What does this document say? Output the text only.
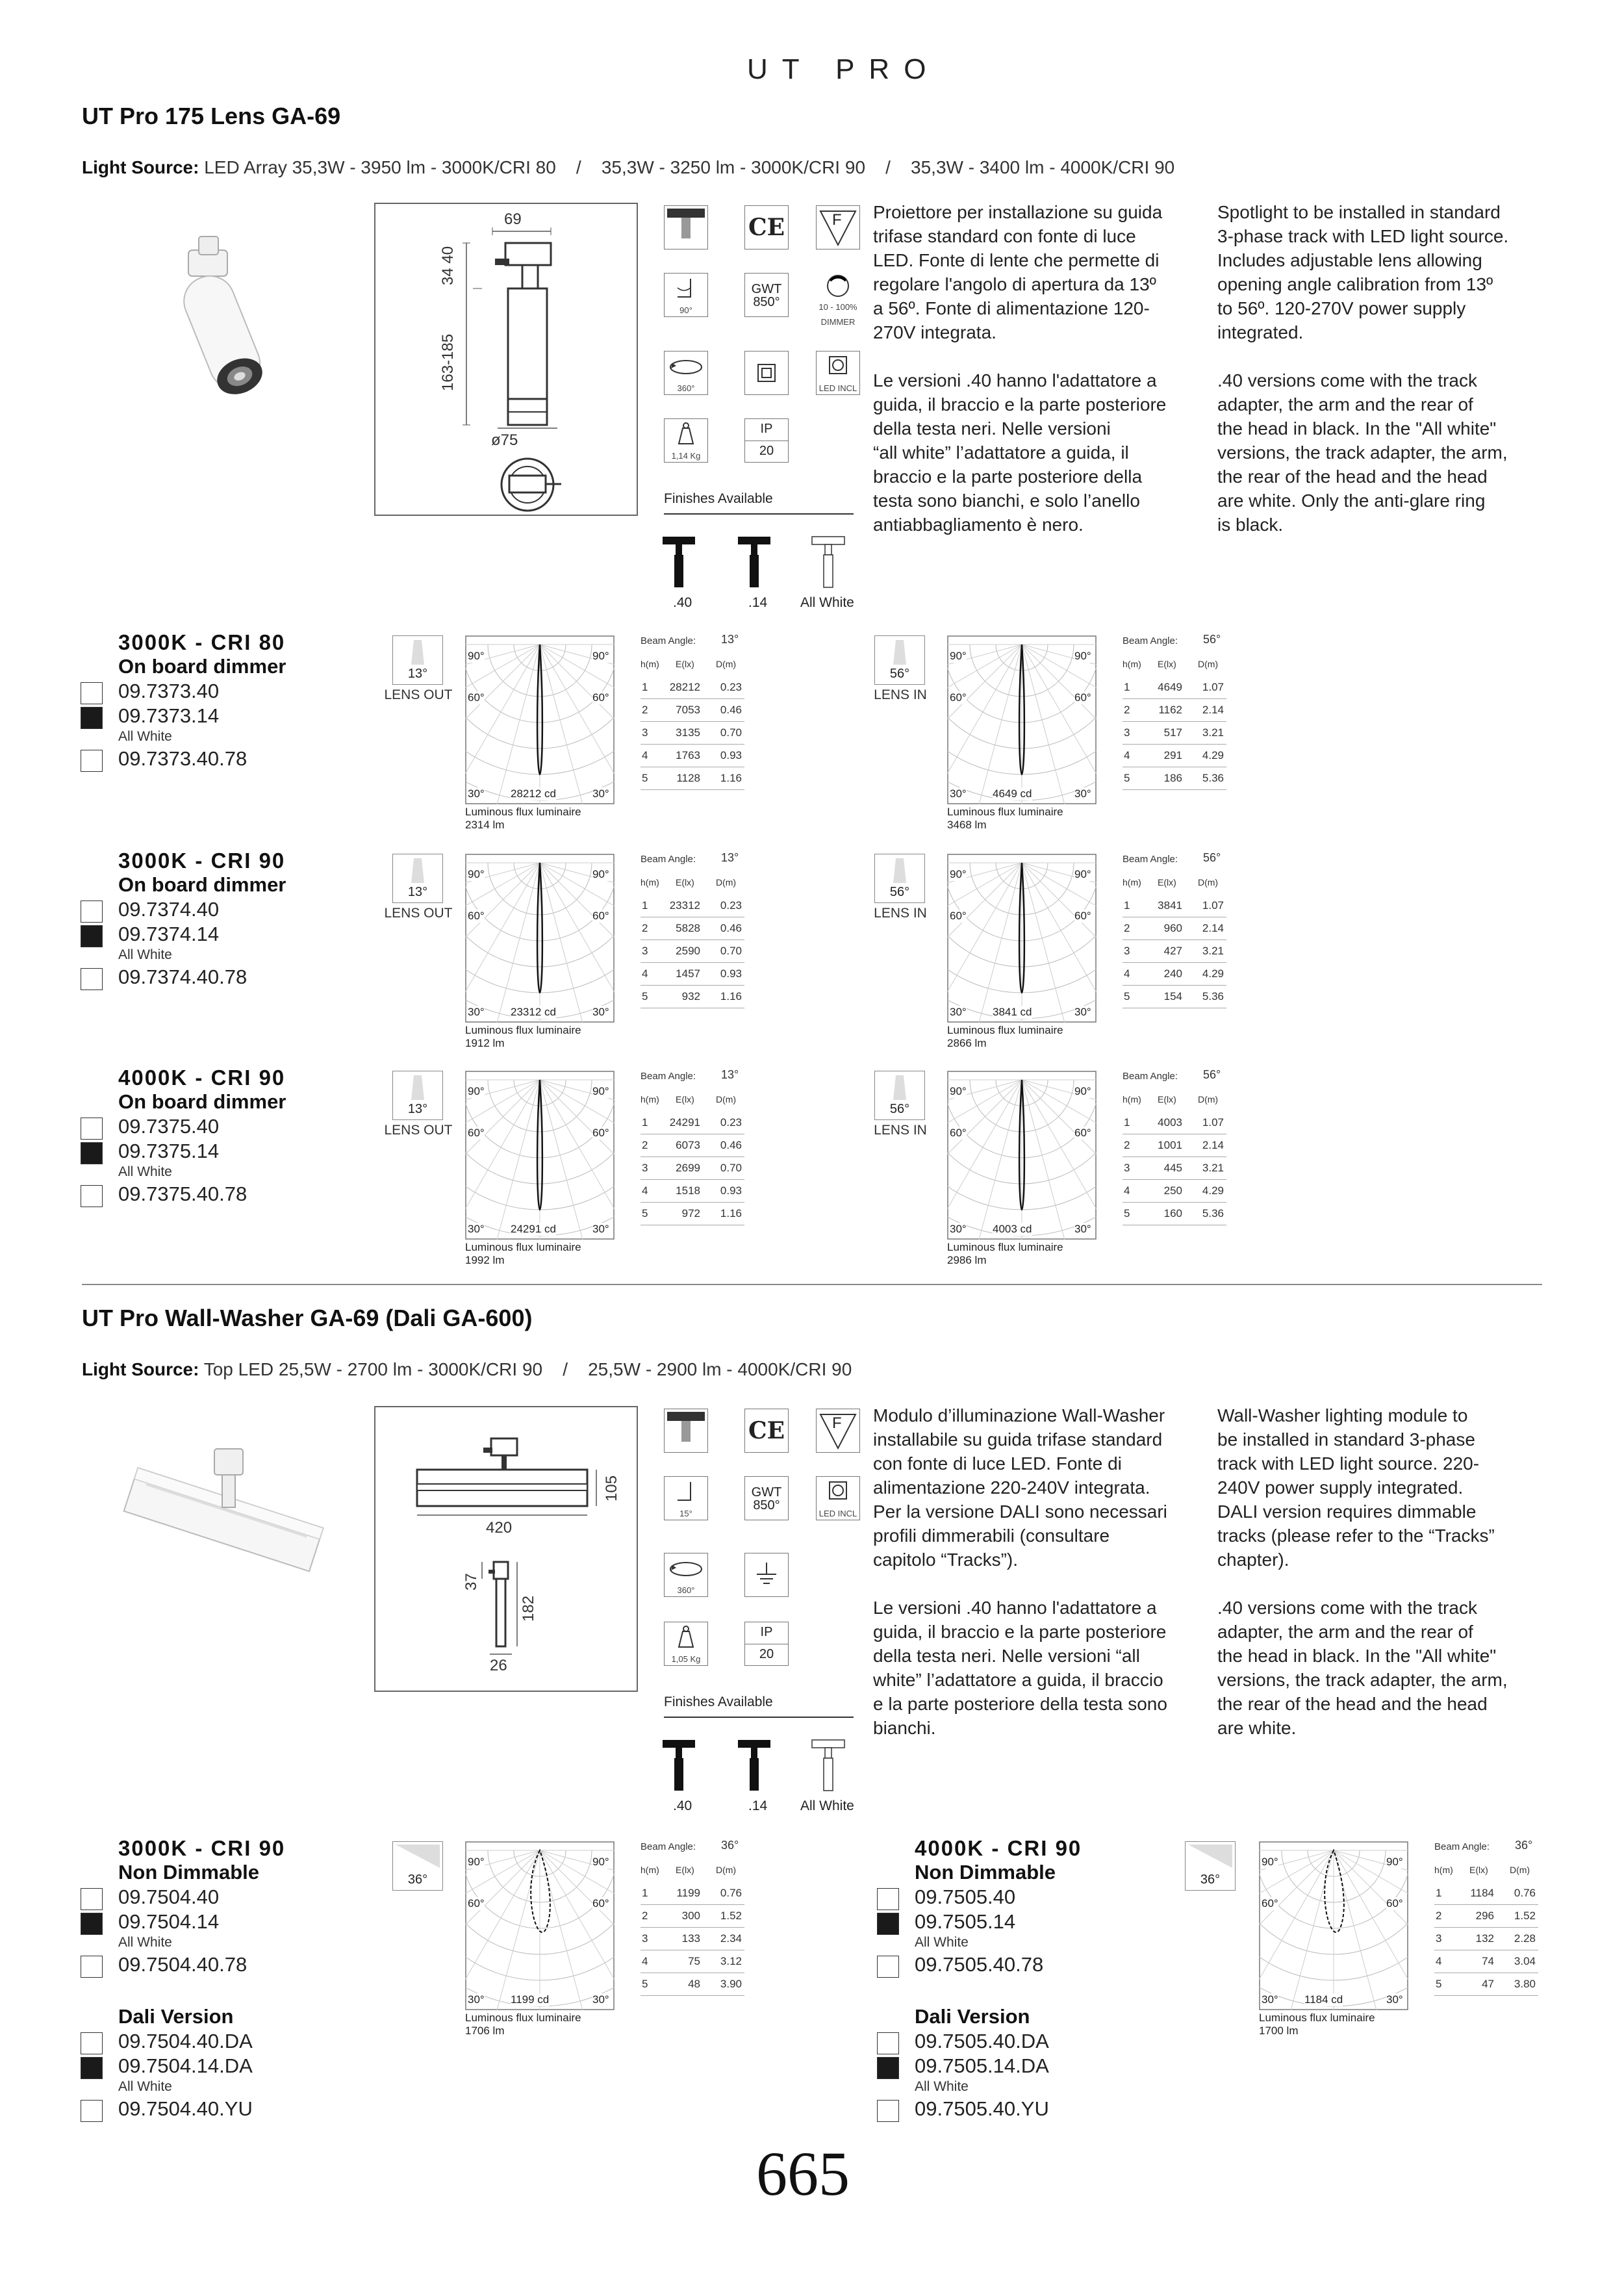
UT PRO
UT Pro 175 Lens GA-69
Light Source: LED Array 35,3W - 3950 lm - 3000K/CRI 80    /    35,3W - 3250 lm - 3000K/CRI 90    /    35,3W - 3400 lm - 4000K/CRI 90
69
34 40
163-185
ø75
CE	F
90°
GWT 850°	10 - 100%
DIMMER
360°	LED INCL
1,14 Kg
IP
20
Finishes Available
.40	.14 All White
Proiettore per installazione su guida
trifase standard con fonte di luce
LED. Fonte di lente che permette di
regolare l'angolo di apertura da 13º
a 56º. Fonte di alimentazione 120-
270V integrata.
Le versioni .40 hanno l'adattatore a
guida, il braccio e la parte posteriore
della testa neri. Nelle versioni
“all white” l’adattatore a guida, il
braccio e la parte posteriore della
testa sono bianchi, e solo l’anello
antiabbagliamento è nero.
Spotlight to be installed in standard
3-phase track with LED light source.
Includes adjustable lens allowing
opening angle calibration from 13º
to 56º. 120-270V power supply
integrated.
.40 versions come with the track
adapter, the arm and the rear of
the head in black. In the "All white"
versions, the track adapter, the arm,
the rear of the head and the head
are white. Only the anti-glare ring
is black.
UT Pro Wall-Washer GA-69 (Dali GA-600)
Light Source: Top LED 25,5W - 2700 lm - 3000K/CRI 90    /    25,5W - 2900 lm - 4000K/CRI 90
420
105
37
182
26
CE	F
15°
GWT 850°
LED INCL
360°
1,05 Kg
IP
20
Finishes Available
.40	.14 All White
Modulo d’illuminazione Wall-Washer
installabile su guida trifase standard
con fonte di luce LED. Fonte di
alimentazione 220-240V integrata.
Per la versione DALI sono necessari
profili dimmerabili (consultare
capitolo “Tracks”).
Le versioni .40 hanno l'adattatore a
guida, il braccio e la parte posteriore
della testa neri. Nelle versioni “all
white” l’adattatore a guida, il braccio
e la parte posteriore della testa sono
bianchi.
Wall-Washer lighting module to
be installed in standard 3-phase
track with LED light source. 220-
240V power supply integrated.
DALI version requires dimmable
tracks (please refer to the “Tracks”
chapter).
.40 versions come with the track
adapter, the arm and the rear of
the head in black. In the "All white"
versions, the track adapter, the arm,
the rear of the head and the head
are white.
665
3000K - CRI 80
On board dimmer
09.7373.40
09.7373.14
All White
09.7373.40.78
13°
LENS OUT
90°	90°
60°	60°
30°	30°
28212 cd
Luminous flux luminaire
2314 lm
Beam Angle: 13°
h(m) E(lx) D(m)
1	28212	0.23
2	7053	0.46
3	3135	0.70
4	1763	0.93
5	1128	1.16
56°
LENS IN
90°	90°
60°	60°
30°	30°
4649 cd
Luminous flux luminaire
3468 lm
Beam Angle: 56°
h(m) E(lx) D(m)
1	4649	1.07
2	1162	2.14
3	517	3.21
4	291	4.29
5	186	5.36
3000K - CRI 90
On board dimmer
09.7374.40
09.7374.14
All White
09.7374.40.78
13°
LENS OUT
90°	90°
60°	60°
30°	30°
23312 cd
Luminous flux luminaire
1912 lm
Beam Angle: 13°
h(m) E(lx) D(m)
1	23312	0.23
2	5828	0.46
3	2590	0.70
4	1457	0.93
5	932	1.16
56°
LENS IN
90°	90°
60°	60°
30°	30°
3841 cd
Luminous flux luminaire
2866 lm
Beam Angle: 56°
h(m) E(lx) D(m)
1	3841	1.07
2	960	2.14
3	427	3.21
4	240	4.29
5	154	5.36
4000K - CRI 90
On board dimmer
09.7375.40
09.7375.14
All White
09.7375.40.78
13°
LENS OUT
90°	90°
60°	60°
30°	30°
24291 cd
Luminous flux luminaire
1992 lm
Beam Angle: 13°
h(m) E(lx) D(m)
1	24291	0.23
2	6073	0.46
3	2699	0.70
4	1518	0.93
5	972	1.16
56°
LENS IN
90°	90°
60°	60°
30°	30°
4003 cd
Luminous flux luminaire
2986 lm
Beam Angle: 56°
h(m) E(lx) D(m)
1	4003	1.07
2	1001	2.14
3	445	3.21
4	250	4.29
5	160	5.36
3000K - CRI 90
Non Dimmable
09.7504.40
09.7504.14
All White
09.7504.40.78
Dali Version
09.7504.40.DA
09.7504.14.DA
All White
09.7504.40.YU
36°
90°	90°
60°	60°
30°	30°
1199 cd
Luminous flux luminaire
1706 lm
Beam Angle: 36°
h(m) E(lx) D(m)
1	1199	0.76
2	300	1.52
3	133	2.34
4	75	3.12
5	48	3.90
4000K - CRI 90
Non Dimmable
09.7505.40
09.7505.14
All White
09.7505.40.78
Dali Version
09.7505.40.DA
09.7505.14.DA
All White
09.7505.40.YU
36°
90°	90°
60°	60°
30°	30°
1184 cd
Luminous flux luminaire
1700 lm
Beam Angle: 36°
h(m) E(lx) D(m)
1	1184	0.76
2	296	1.52
3	132	2.28
4	74	3.04
5	47	3.80
